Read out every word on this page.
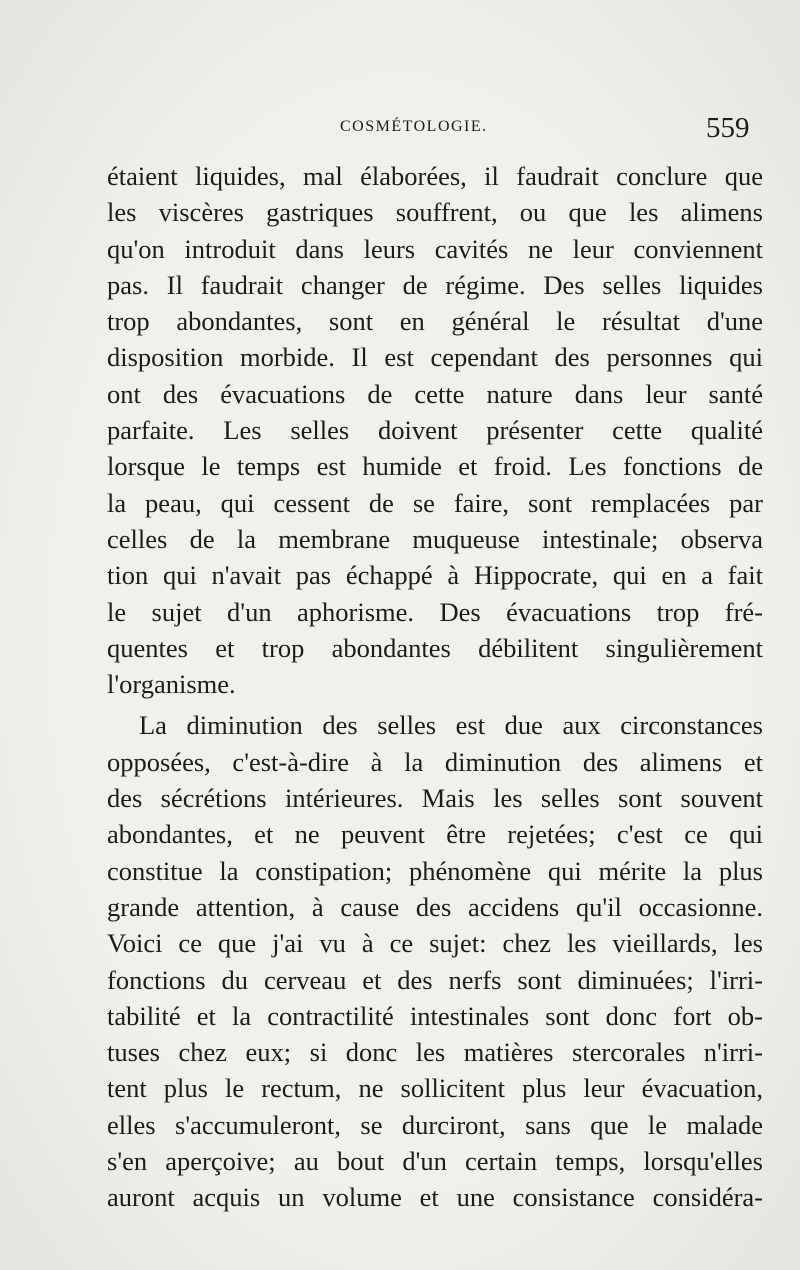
COSMÉTOLOGIE.	559
étaient liquides, mal élaborées, il faudrait conclure que
les viscères gastriques souffrent, ou que les alimens
qu'on introduit dans leurs cavités ne leur conviennent
pas. Il faudrait changer de régime. Des selles liquides
trop abondantes, sont en général le résultat d'une
disposition morbide. Il est cependant des personnes qui
ont des évacuations de cette nature dans leur santé
parfaite. Les selles doivent présenter cette qualité
lorsque le temps est humide et froid. Les fonctions de
la peau, qui cessent de se faire, sont remplacées par
celles de la membrane muqueuse intestinale; observa
tion qui n'avait pas échappé à Hippocrate, qui en a fait
le sujet d'un aphorisme. Des évacuations trop fré-
quentes et trop abondantes débilitent singulièrement
l'organisme.
La diminution des selles est due aux circonstances
opposées, c'est-à-dire à la diminution des alimens et
des sécrétions intérieures. Mais les selles sont souvent
abondantes, et ne peuvent être rejetées; c'est ce qui
constitue la constipation; phénomène qui mérite la plus
grande attention, à cause des accidens qu'il occasionne.
Voici ce que j'ai vu à ce sujet: chez les vieillards, les
fonctions du cerveau et des nerfs sont diminuées; l'irri-
tabilité et la contractilité intestinales sont donc fort ob-
tuses chez eux; si donc les matières stercorales n'irri-
tent plus le rectum, ne sollicitent plus leur évacuation,
elles s'accumuleront, se durciront, sans que le malade
s'en aperçoive; au bout d'un certain temps, lorsqu'elles
auront acquis un volume et une consistance considéra-
